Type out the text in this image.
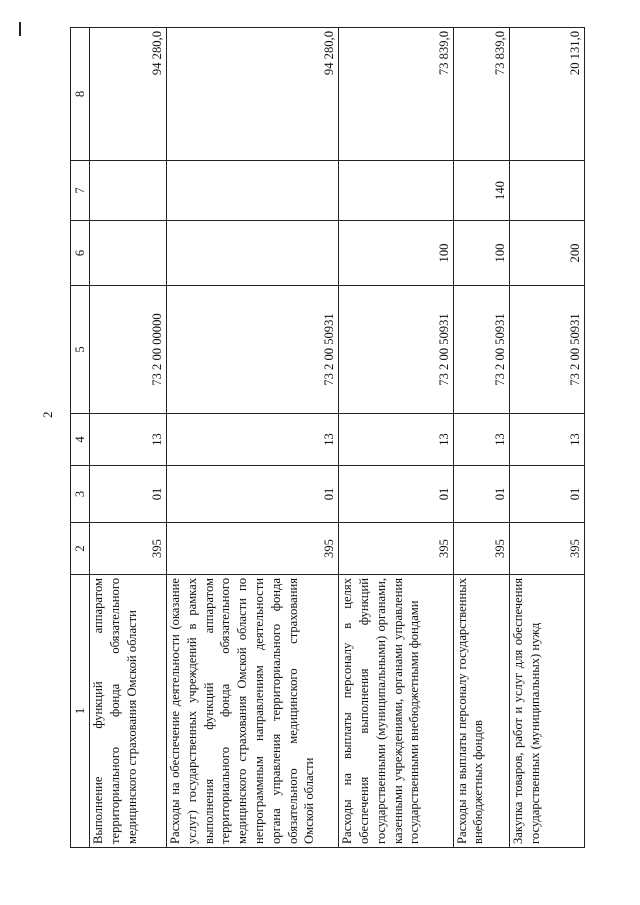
2
1	2	3	4	5	6	7	8
Выполнение функций аппаратом территориального фонда обязательного медицинского страхования Омской области	395	01	13	73 2 00 00000			94 280,0
Расходы на обеспечение деятельности (оказание услуг) государственных учреждений в рамках выполнения функций аппаратом территориального фонда обязательного медицинского страхования Омской области по непрограммным направлениям деятельности органа управления территориального фонда обязательного медицинского страхования Омской области	395	01	13	73 2 00 50931			94 280,0
Расходы на выплаты персоналу в целях обеспечения выполнения функций государственными (муниципальными) органами, казенными учреждениями, органами управления государственными внебюджетными фондами	395	01	13	73 2 00 50931	100		73 839,0
Расходы на выплаты персоналу государственных внебюджетных фондов	395	01	13	73 2 00 50931	100	140	73 839,0
Закупка товаров, работ и услуг для обеспечения государственных (муниципальных) нужд	395	01	13	73 2 00 50931	200		20 131,0
